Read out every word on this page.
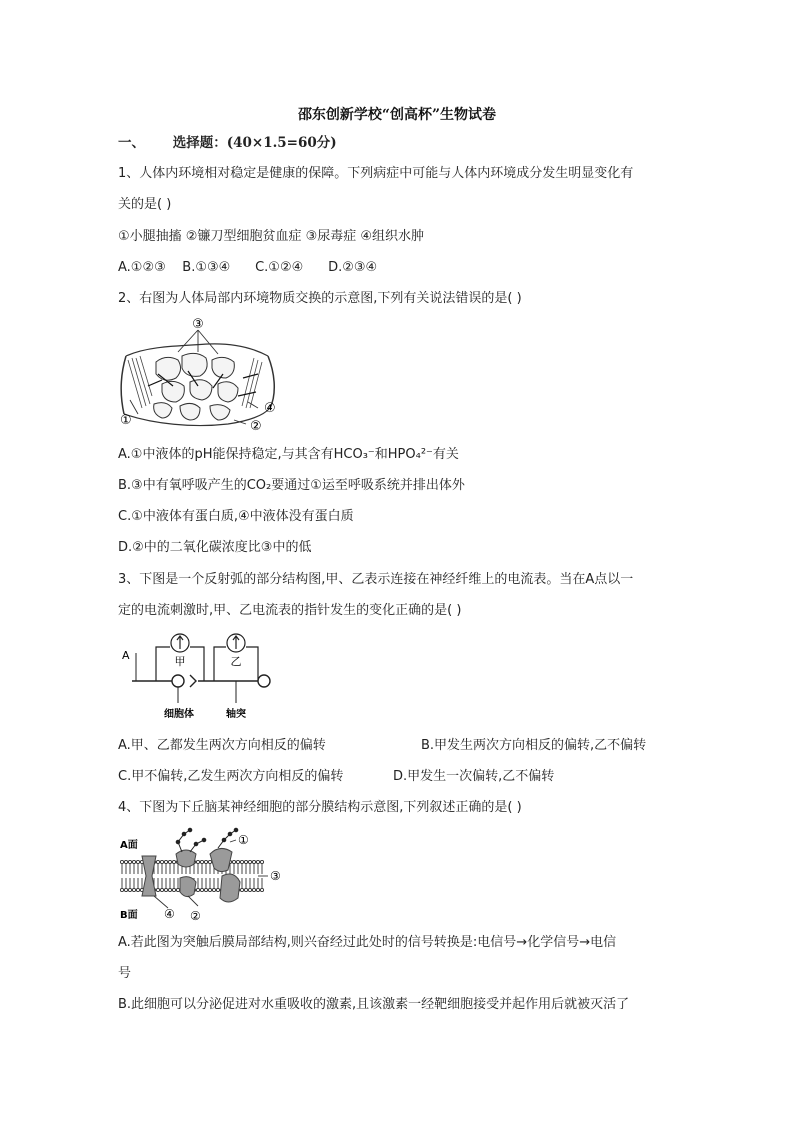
邵东创新学校“创高杯”生物试卷
一、 选择题：(40×1.5=60分)
1、人体内环境相对稳定是健康的保障。下列病症中可能与人体内环境成分发生明显变化有
关的是( )
①小腿抽搐 ②镰刀型细胞贫血症 ③尿毒症 ④组织水肿
A.①②③    B.①③④      C.①②④      D.②③④
2、右图为人体局部内环境物质交换的示意图,下列有关说法错误的是( )
③
④
①	②
A.①中液体的pH能保持稳定,与其含有HCO₃⁻和HPO₄²⁻有关
B.③中有氧呼吸产生的CO₂要通过①运至呼吸系统并排出体外
C.①中液体有蛋白质,④中液体没有蛋白质
D.②中的二氧化碳浓度比③中的低
3、下图是一个反射弧的部分结构图,甲、乙表示连接在神经纤维上的电流表。当在A点以一
定的电流刺激时,甲、乙电流表的指针发生的变化正确的是( )
A	甲	乙
细胞体	轴突
A.甲、乙都发生两次方向相反的偏转	B.甲发生两次方向相反的偏转,乙不偏转
C.甲不偏转,乙发生两次方向相反的偏转	D.甲发生一次偏转,乙不偏转
4、下图为下丘脑某神经细胞的部分膜结构示意图,下列叙述正确的是( )
A面
B面
①
②
③
④
A.若此图为突触后膜局部结构,则兴奋经过此处时的信号转换是:电信号→化学信号→电信
号
B.此细胞可以分泌促进对水重吸收的激素,且该激素一经靶细胞接受并起作用后就被灭活了
